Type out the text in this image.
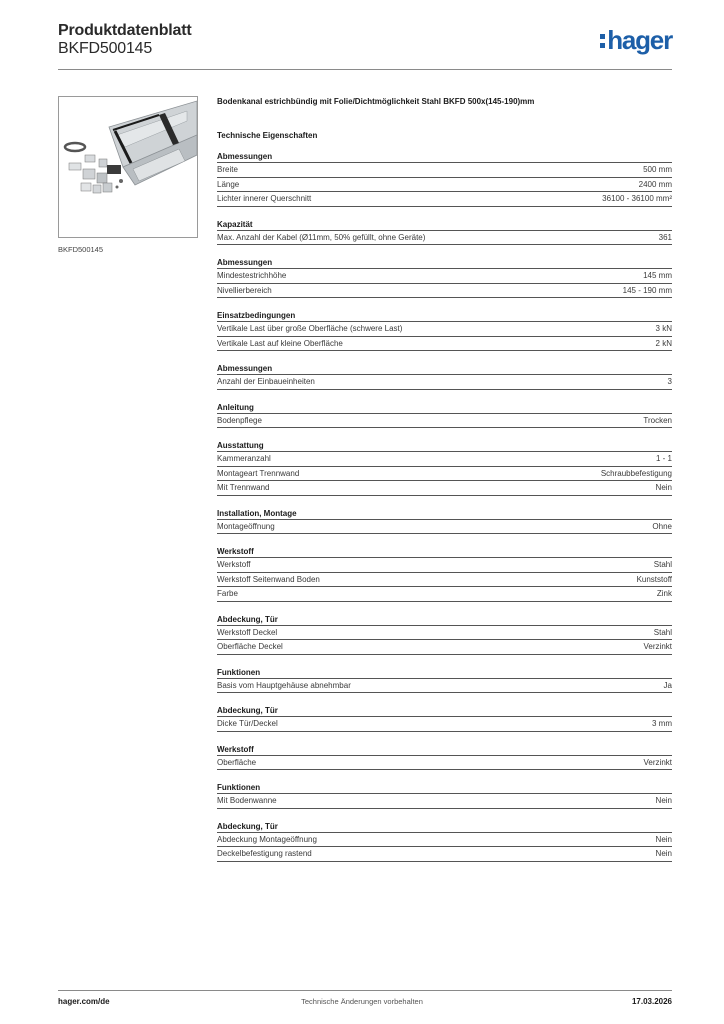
Produktdatenblatt
BKFD500145	hager
BKFD500145
Bodenkanal estrichbündig mit Folie/Dichtmöglichkeit Stahl BKFD 500x(145-190)mm
Technische Eigenschaften
Abmessungen
Breite	500 mm
Länge	2400 mm
Lichter innerer Querschnitt	36100 - 36100 mm²
Kapazität
Max. Anzahl der Kabel (Ø11mm, 50% gefüllt, ohne Geräte)	361
Abmessungen
Mindestestrichhöhe	145 mm
Nivellierbereich	145 - 190 mm
Einsatzbedingungen
Vertikale Last über große Oberfläche (schwere Last)	3 kN
Vertikale Last auf kleine Oberfläche	2 kN
Abmessungen
Anzahl der Einbaueinheiten	3
Anleitung
Bodenpflege	Trocken
Ausstattung
Kammeranzahl	1 - 1
Montageart Trennwand	Schraubbefestigung
Mit Trennwand	Nein
Installation, Montage
Montageöffnung	Ohne
Werkstoff
Werkstoff	Stahl
Werkstoff Seitenwand Boden	Kunststoff
Farbe	Zink
Abdeckung, Tür
Werkstoff Deckel	Stahl
Oberfläche Deckel	Verzinkt
Funktionen
Basis vom Hauptgehäuse abnehmbar	Ja
Abdeckung, Tür
Dicke Tür/Deckel	3 mm
Werkstoff
Oberfläche	Verzinkt
Funktionen
Mit Bodenwanne	Nein
Abdeckung, Tür
Abdeckung Montageöffnung	Nein
Deckelbefestigung rastend	Nein
hager.com/de	Technische Änderungen vorbehalten	17.03.2026
